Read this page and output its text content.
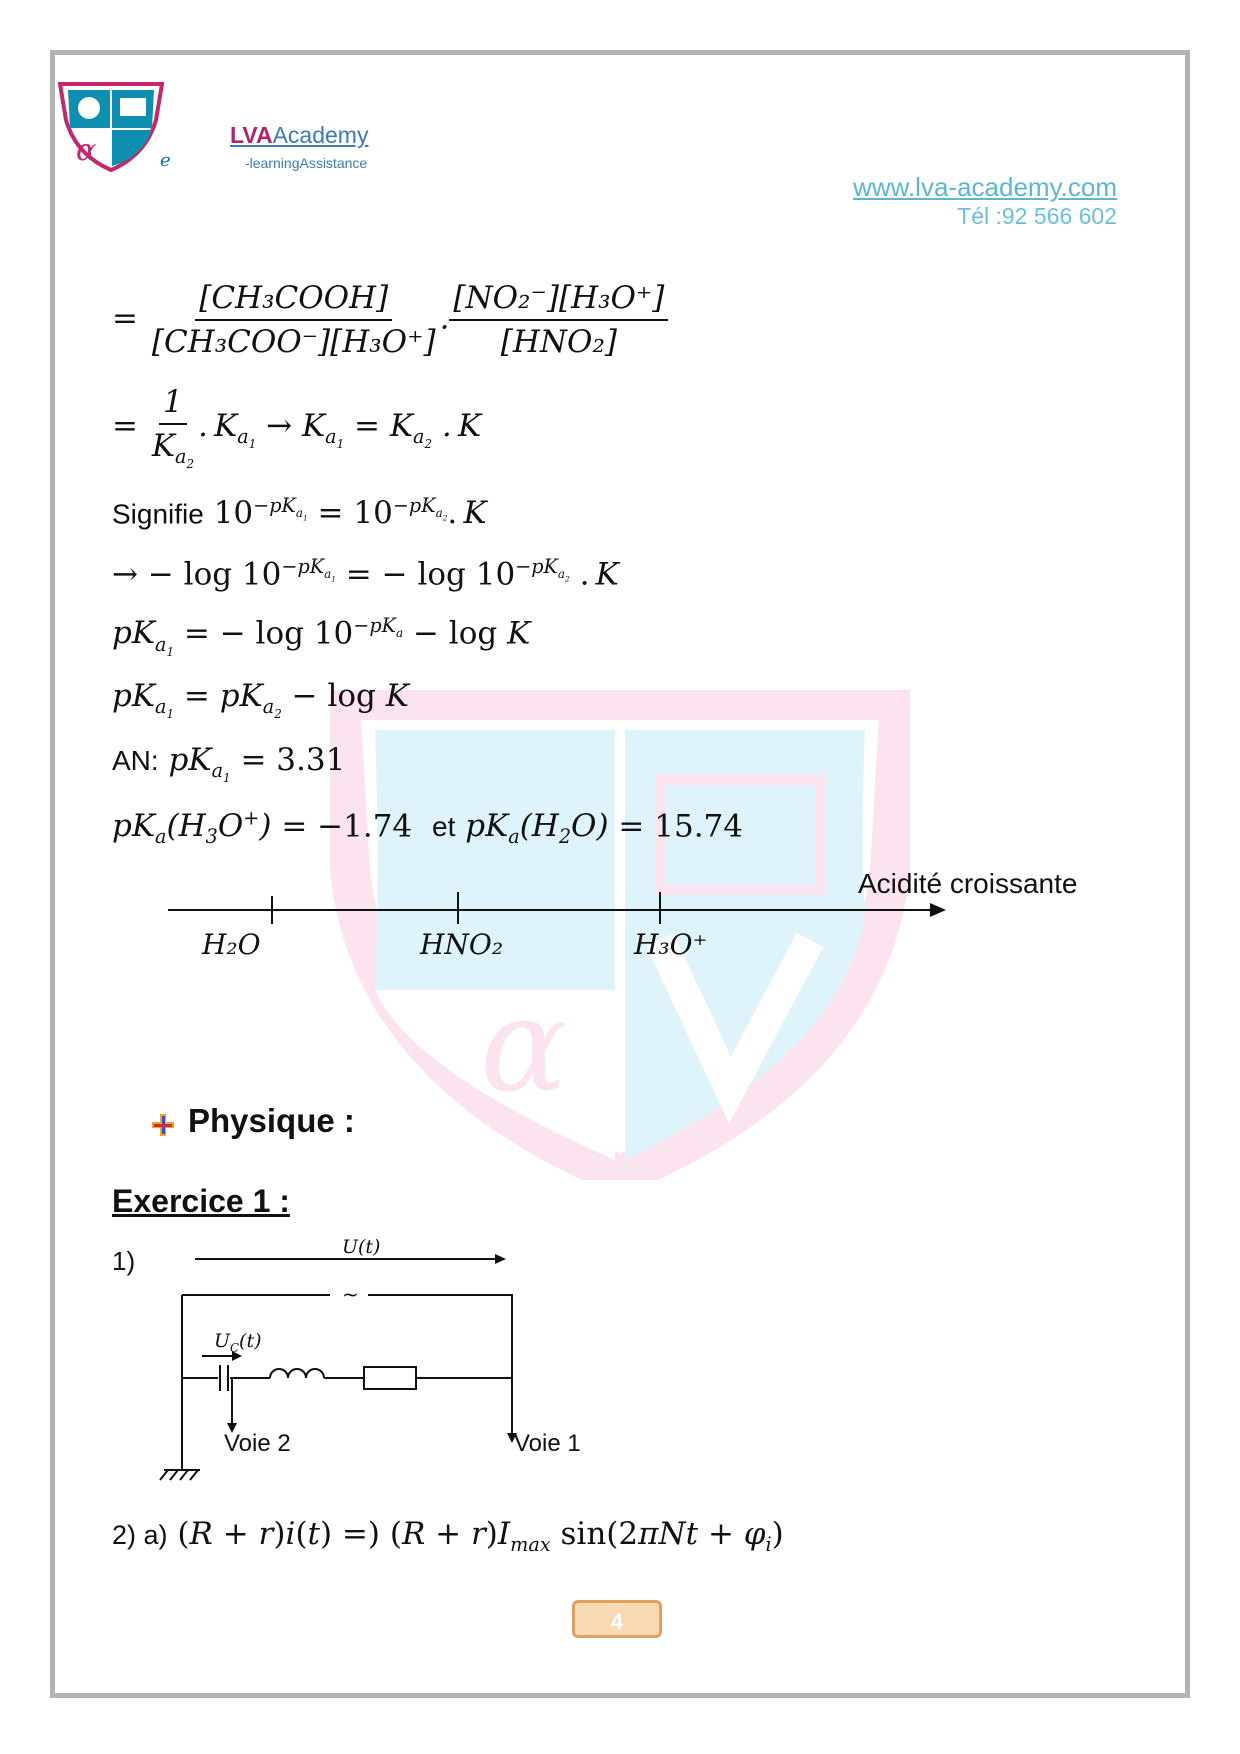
α
α	e
LVAAcademy
-learningAssistance
www.lva-academy.com
Tél :92 566 602
= $\frac{\text{[CH₃COOH]}}{\text{[CH₃COO⁻][H₃O⁺]}}$ . $\frac{\text{[NO₂⁻][H₃O⁺]}}{\text{[HNO₂]}}$
= $\frac{1}{K_{a_2}}$ . $K_{a_1} \to K_{a_1} = K_{a_2}$ . K
Signifie $10^{-pK_{a_1}} = 10^{-pK_{a_2}}$. K
→ − $\log 10^{-pK_{a_1}}$ = − $\log 10^{-pK_{a_2}}$ . K
$pK_{a_1}$ = − $\log 10^{-pK_a} - \log K$
$pK_{a_1} = pK_{a_2} - \log K$
AN: $pK_{a_1} = 3.31$
$pK_a(H_3O^+) = -1.74$ et $pK_a(H_2O) = 15.74$
Acidité croissante
H₂O	HNO₂	H₃O⁺
Physique :
Exercice 1 :
1)	U(t)
~
$U_C(t)$
Voie 2	Voie 1
2) a) (R + r)i(t) =) $(R + r)I_{max}$ $\sin(2\pi Nt + \varphi_i)$
4
